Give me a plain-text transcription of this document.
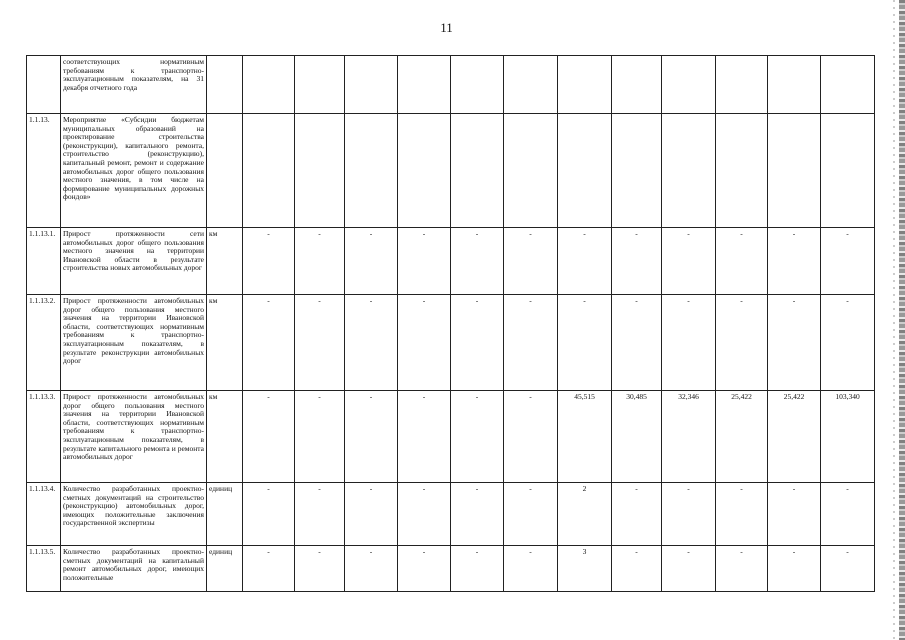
11
	соответствующих нормативным требованиям к транспортно-эксплуатационным показателям, на 31 декабря отчетного года													
1.1.13.	Мероприятие «Субсидии бюджетам муниципальных образований на проектирование строительства (реконструкции), капитального ремонта, строительство (реконструкцию), капитальный ремонт, ремонт и содержание автомобильных дорог общего пользования местного значения, в том числе на формирование муниципальных дорожных фондов»													
1.1.13.1.	Прирост протяженности сети автомобильных дорог общего пользования местного значения на территории Ивановской области в результате строительства новых автомобильных дорог	км	-	-	-	-	-	-	-	-	-	-	-	-
1.1.13.2.	Прирост протяженности автомобильных дорог общего пользования местного значения на территории Ивановской области, соответствующих нормативным требованиям к транспортно-эксплуатационным показателям, в результате реконструкции автомобильных дорог	км	-	-	-	-	-	-	-	-	-	-	-	-
1.1.13.3.	Прирост протяженности автомобильных дорог общего пользования местного значения на территории Ивановской области, соответствующих нормативным требованиям к транспортно-эксплуатационным показателям, в результате капитального ремонта и ремонта автомобильных дорог	км	-	-	-	-	-	-	45,515	30,485	32,346	25,422	25,422	103,340
1.1.13.4.	Количество разработанных проектно-сметных документаций на строительство (реконструкцию) автомобильных дорог, имеющих положительные заключения государственной экспертизы	единиц	-	-	-	-	-	-	2	-	-	-	-	-
1.1.13.5.	Количество разработанных проектно-сметных документаций на капитальный ремонт автомобильных дорог, имеющих положительные	единиц	-	-	-	-	-	-	3	-	-	-	-	-
